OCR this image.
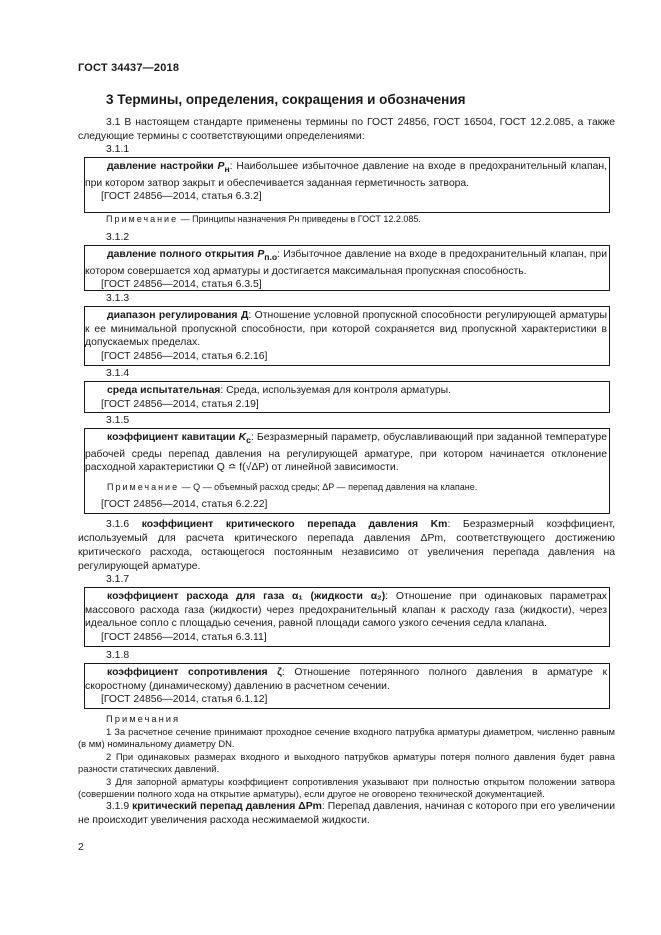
ГОСТ 34437—2018
3 Термины, определения, сокращения и обозначения
3.1 В настоящем стандарте применены термины по ГОСТ 24856, ГОСТ 16504, ГОСТ 12.2.085, а также следующие термины с соответствующими определениями:
3.1.1
давление настройки $P_н$: Наибольшее избыточное давление на входе в предохранительный клапан, при котором затвор закрыт и обеспечивается заданная герметичность затвора.
[ГОСТ 24856—2014, статья 6.3.2]
Примечание — Принципы назначения Pн приведены в ГОСТ 12.2.085.
3.1.2
давление полного открытия $P_{п.о}$: Избыточное давление на входе в предохранительный клапан, при котором совершается ход арматуры и достигается максимальная пропускная способность.
[ГОСТ 24856—2014, статья 6.3.5]
3.1.3
диапазон регулирования Д: Отношение условной пропускной способности регулирующей арматуры к ее минимальной пропускной способности, при которой сохраняется вид пропускной характеристики в допускаемых пределах.
[ГОСТ 24856—2014, статья 6.2.16]
3.1.4
среда испытательная: Среда, используемая для контроля арматуры.
[ГОСТ 24856—2014, статья 2.19]
3.1.5
коэффициент кавитации $K_c$: Безразмерный параметр, обуславливающий при заданной температуре рабочей среды перепад давления на регулирующей арматуре, при котором начинается отклонение расходной характеристики Q ≏ f(√ΔP) от линейной зависимости.
Примечание — Q — объемный расход среды; ΔP — перепад давления на клапане.
[ГОСТ 24856—2014, статья 6.2.22]
3.1.6 коэффициент критического перепада давления Km: Безразмерный коэффициент, используемый для расчета критического перепада давления ΔPm, соответствующего достижению критического расхода, остающегося постоянным независимо от увеличения перепада давления на регулирующей арматуре.
3.1.7
коэффициент расхода для газа α₁ (жидкости α₂): Отношение при одинаковых параметрах массового расхода газа (жидкости) через предохранительный клапан к расходу газа (жидкости), через идеальное сопло с площадью сечения, равной площади самого узкого сечения седла клапана.
[ГОСТ 24856—2014, статья 6.3.11]
3.1.8
коэффициент сопротивления ζ: Отношение потерянного полного давления в арматуре к скоростному (динамическому) давлению в расчетном сечении.
[ГОСТ 24856—2014, статья 6.1.12]
Примечания
1 За расчетное сечение принимают проходное сечение входного патрубка арматуры диаметром, численно равным (в мм) номинальному диаметру DN.
2 При одинаковых размерах входного и выходного патрубков арматуры потеря полного давления будет равна разности статических давлений.
3 Для запорной арматуры коэффициент сопротивления указывают при полностью открытом положении затвора (совершении полного хода на открытие арматуры), если другое не оговорено технической документацией.
3.1.9 критический перепад давления ΔPm: Перепад давления, начиная с которого при его увеличении не происходит увеличения расхода несжимаемой жидкости.
2
